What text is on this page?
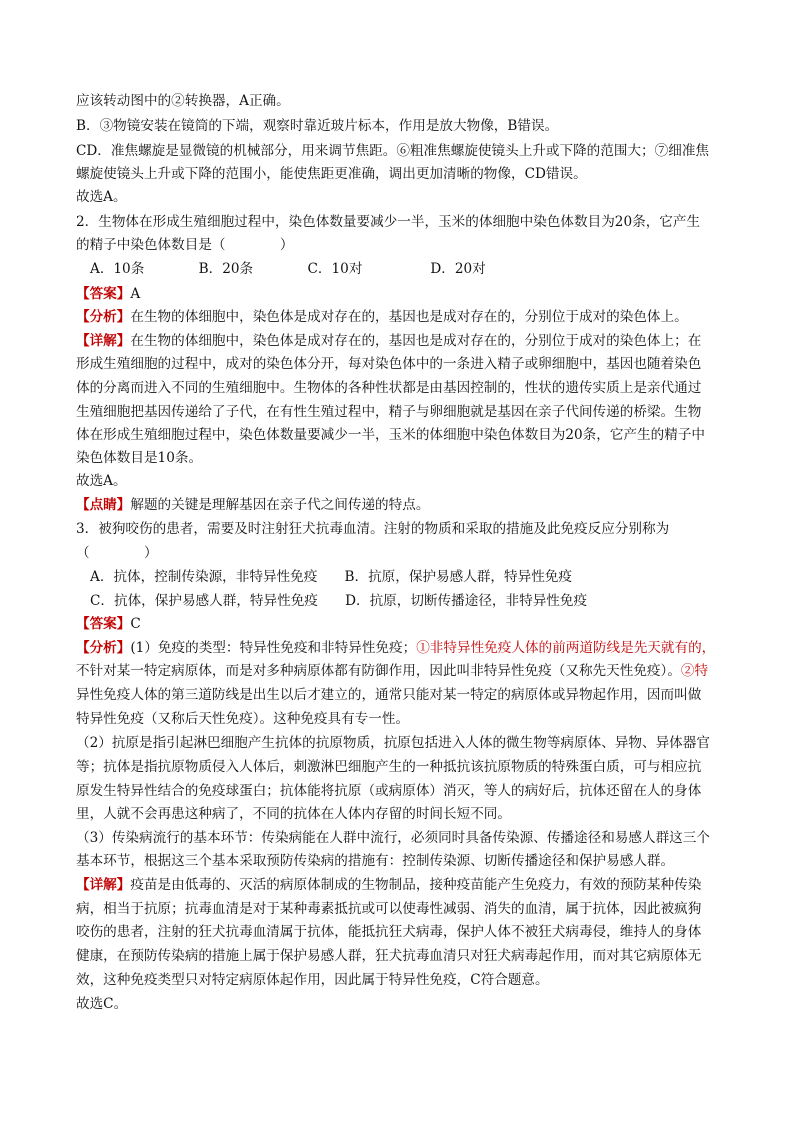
应该转动图中的②转换器，A正确。
B．③物镜安装在镜筒的下端，观察时靠近玻片标本，作用是放大物像，B错误。
CD．准焦螺旋是显微镜的机械部分，用来调节焦距。⑥粗准焦螺旋使镜头上升或下降的范围大；⑦细准焦
螺旋使镜头上升或下降的范围小，能使焦距更准确，调出更加清晰的物像，CD错误。
故选A。
2．生物体在形成生殖细胞过程中，染色体数量要减少一半，玉米的体细胞中染色体数目为20条，它产生
的精子中染色体数目是（　　　　）
A．10条　　　　B．20条　　　　C．10对　　　　　D．20对
【答案】A
【分析】在生物的体细胞中，染色体是成对存在的，基因也是成对存在的，分别位于成对的染色体上。
【详解】在生物的体细胞中，染色体是成对存在的，基因也是成对存在的，分别位于成对的染色体上；在
形成生殖细胞的过程中，成对的染色体分开，每对染色体中的一条进入精子或卵细胞中，基因也随着染色
体的分离而进入不同的生殖细胞中。生物体的各种性状都是由基因控制的，性状的遗传实质上是亲代通过
生殖细胞把基因传递给了子代，在有性生殖过程中，精子与卵细胞就是基因在亲子代间传递的桥梁。生物
体在形成生殖细胞过程中，染色体数量要减少一半，玉米的体细胞中染色体数目为20条，它产生的精子中
染色体数目是10条。
故选A。
【点睛】解题的关键是理解基因在亲子代之间传递的特点。
3．被狗咬伤的患者，需要及时注射狂犬抗毒血清。注射的物质和采取的措施及此免疫反应分别称为
（　　　　）
A．抗体，控制传染源，非特异性免疫　　B．抗原，保护易感人群，特异性免疫
C．抗体，保护易感人群，特异性免疫　　D．抗原，切断传播途径，非特异性免疫
【答案】C
【分析】(1）免疫的类型：特异性免疫和非特异性免疫；①非特异性免疫人体的前两道防线是先天就有的，
不针对某一特定病原体，而是对多种病原体都有防御作用，因此叫非特异性免疫（又称先天性免疫）。②特
异性免疫人体的第三道防线是出生以后才建立的，通常只能对某一特定的病原体或异物起作用，因而叫做
特异性免疫（又称后天性免疫）。这种免疫具有专一性。
（2）抗原是指引起淋巴细胞产生抗体的抗原物质，抗原包括进入人体的微生物等病原体、异物、异体器官
等；抗体是指抗原物质侵入人体后，刺激淋巴细胞产生的一种抵抗该抗原物质的特殊蛋白质，可与相应抗
原发生特异性结合的免疫球蛋白；抗体能将抗原（或病原体）消灭，等人的病好后，抗体还留在人的身体
里，人就不会再患这种病了，不同的抗体在人体内存留的时间长短不同。
（3）传染病流行的基本环节：传染病能在人群中流行，必须同时具备传染源、传播途径和易感人群这三个
基本环节，根据这三个基本采取预防传染病的措施有：控制传染源、切断传播途径和保护易感人群。
【详解】疫苗是由低毒的、灭活的病原体制成的生物制品，接种疫苗能产生免疫力，有效的预防某种传染
病，相当于抗原；抗毒血清是对于某种毒素抵抗或可以使毒性减弱、消失的血清，属于抗体，因此被疯狗
咬伤的患者，注射的狂犬抗毒血清属于抗体，能抵抗狂犬病毒，保护人体不被狂犬病毒侵，维持人的身体
健康，在预防传染病的措施上属于保护易感人群，狂犬抗毒血清只对狂犬病毒起作用，而对其它病原体无
效，这种免疫类型只对特定病原体起作用，因此属于特异性免疫，C符合题意。
故选C。
